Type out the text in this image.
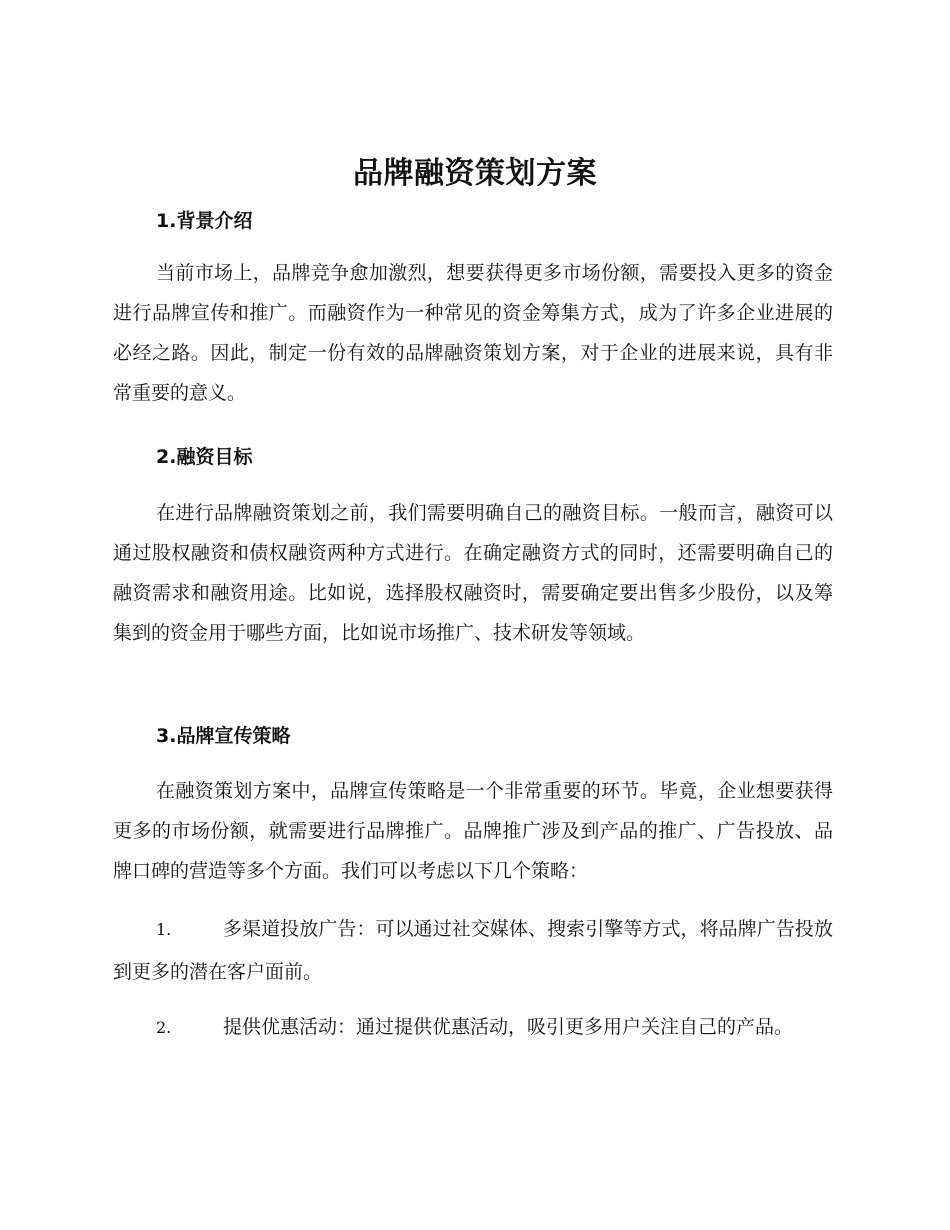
品牌融资策划方案
1.背景介绍

当前市场上，品牌竞争愈加激烈，想要获得更多市场份额，需要投入更多的资金进行品牌宣传和推广。而融资作为一种常见的资金筹集方式，成为了许多企业进展的必经之路。因此，制定一份有效的品牌融资策划方案，对于企业的进展来说，具有非常重要的意义。

2.融资目标

在进行品牌融资策划之前，我们需要明确自己的融资目标。一般而言，融资可以通过股权融资和债权融资两种方式进行。在确定融资方式的同时，还需要明确自己的融资需求和融资用途。比如说，选择股权融资时，需要确定要出售多少股份，以及筹集到的资金用于哪些方面，比如说市场推广、技术研发等领域。

3.品牌宣传策略

在融资策划方案中，品牌宣传策略是一个非常重要的环节。毕竟，企业想要获得更多的市场份额，就需要进行品牌推广。品牌推广涉及到产品的推广、广告投放、品牌口碑的营造等多个方面。我们可以考虑以下几个策略：

1.	多渠道投放广告：可以通过社交媒体、搜索引擎等方式，将品牌广告投放到更多的潜在客户面前。

2.	提供优惠活动：通过提供优惠活动，吸引更多用户关注自己的产品。
